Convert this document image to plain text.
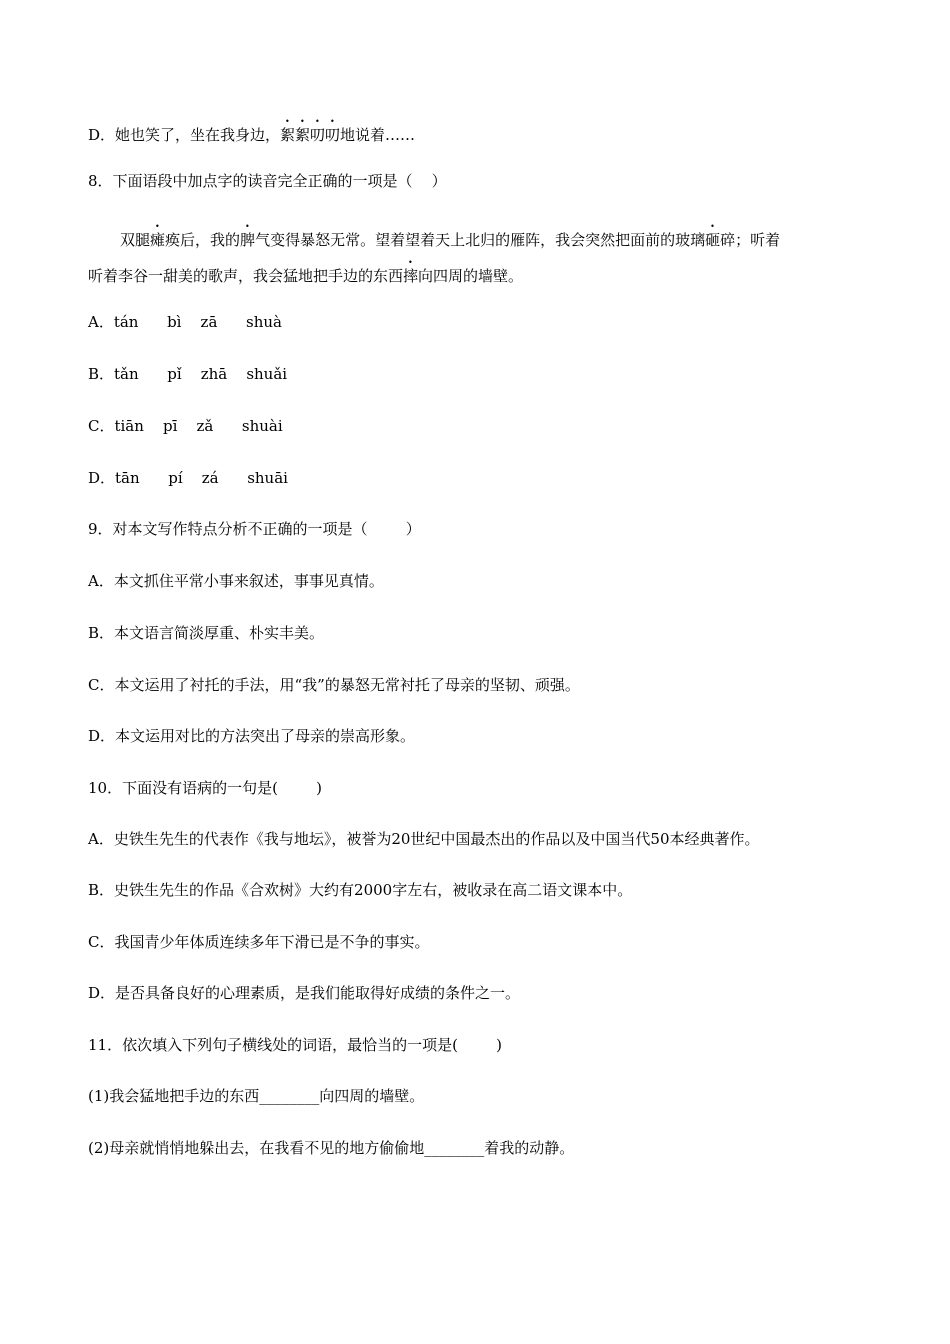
D．她也笑了，坐在我身边，絮絮叨叨地说着……
8．下面语段中加点字的读音完全正确的一项是（    ）
双腿瘫痪后，我的脾气变得暴怒无常。望着望着天上北归的雁阵，我会突然把面前的玻璃砸碎；听着
听着李谷一甜美的歌声，我会猛地把手边的东西摔向四周的墙壁。
A．tán      bì    zā      shuà
B．tǎn      pǐ    zhā    shuǎi
C．tiān    pī    zǎ      shuài
D．tān      pí    zá      shuāi
9．对本文写作特点分析不正确的一项是（        ）
A．本文抓住平常小事来叙述，事事见真情。
B．本文语言简淡厚重、朴实丰美。
C．本文运用了衬托的手法，用“我”的暴怒无常衬托了母亲的坚韧、顽强。
D．本文运用对比的方法突出了母亲的崇高形象。
10．下面没有语病的一句是(        )
A．史铁生先生的代表作《我与地坛》，被誉为20世纪中国最杰出的作品以及中国当代50本经典著作。
B．史铁生先生的作品《合欢树》大约有2000字左右，被收录在高二语文课本中。
C．我国青少年体质连续多年下滑已是不争的事实。
D．是否具备良好的心理素质，是我们能取得好成绩的条件之一。
11．依次填入下列句子横线处的词语，最恰当的一项是(        )
(1)我会猛地把手边的东西________向四周的墙壁。
(2)母亲就悄悄地躲出去，在我看不见的地方偷偷地________着我的动静。
